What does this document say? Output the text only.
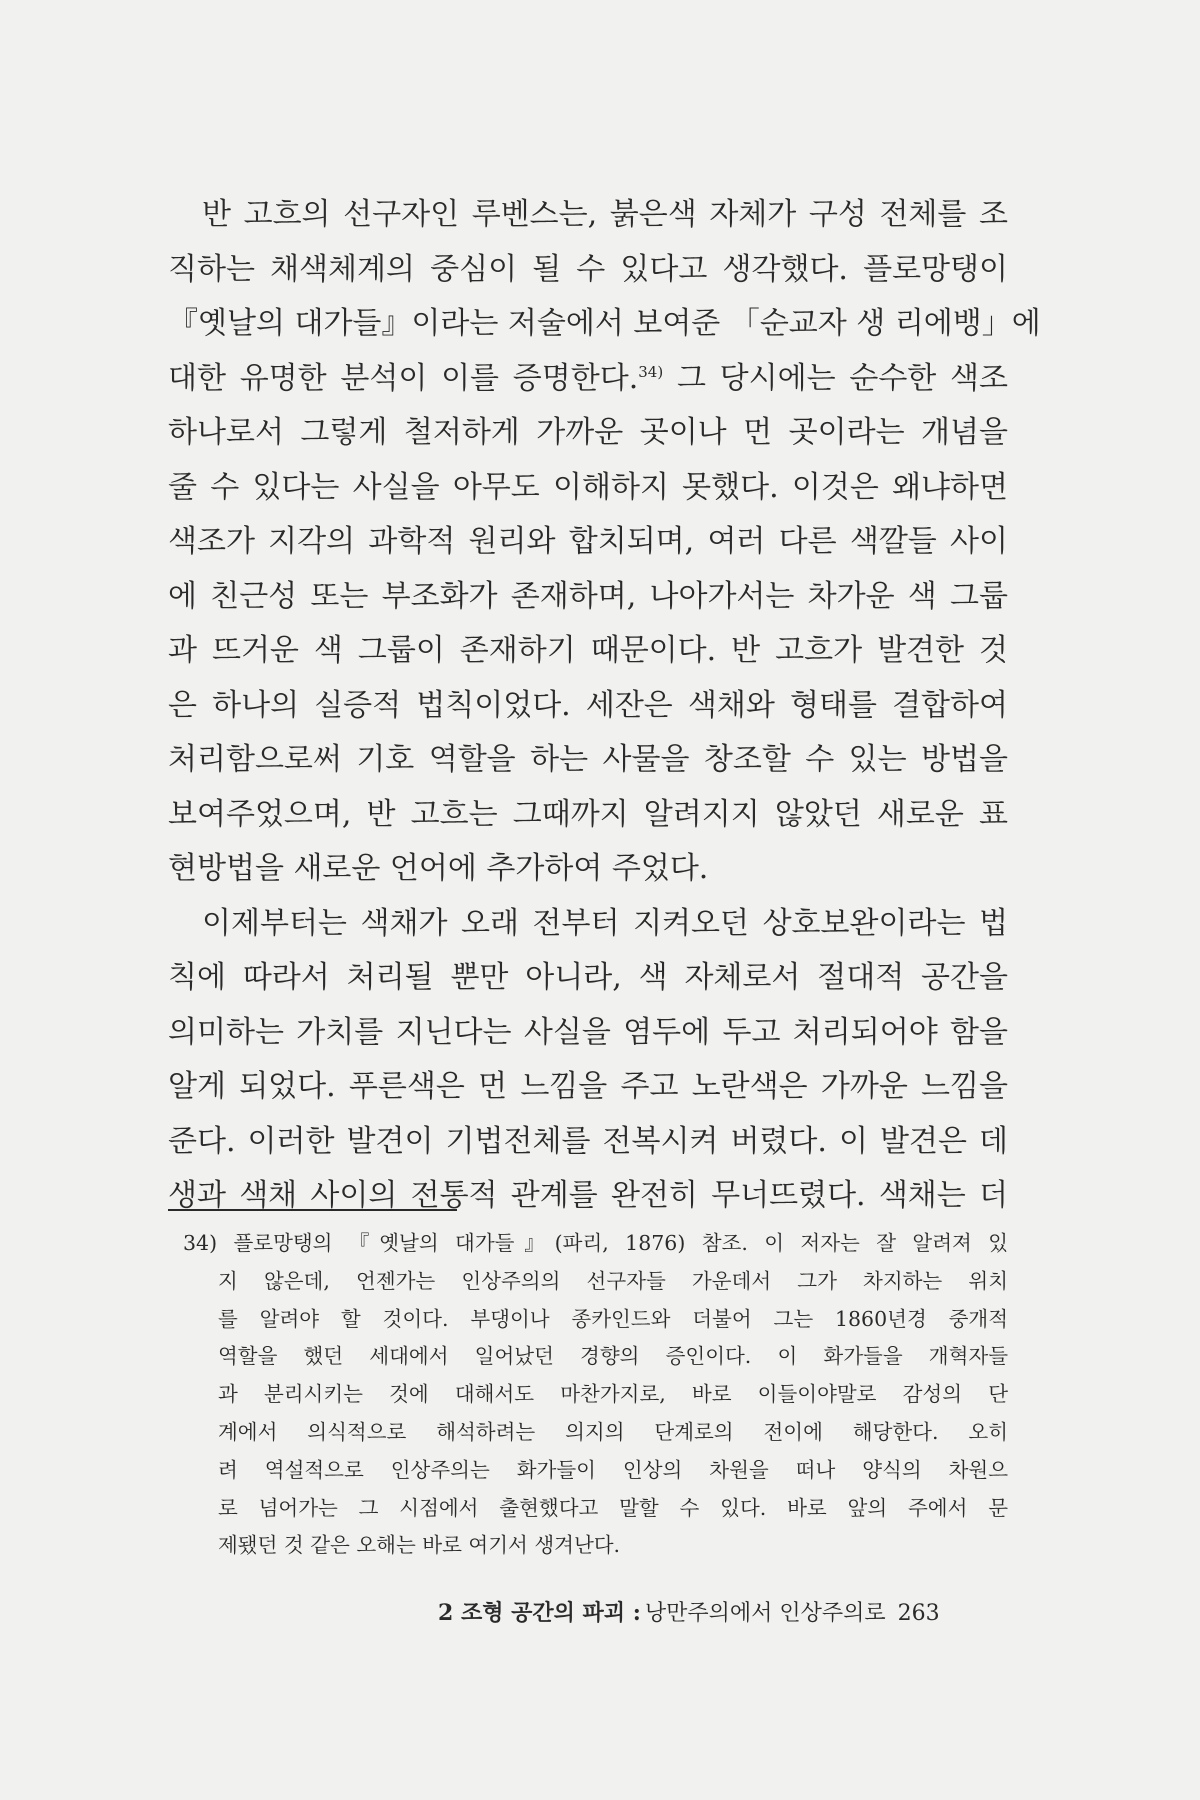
반 고흐의 선구자인 루벤스는, 붉은색 자체가 구성 전체를 조
직하는 채색체계의 중심이 될 수 있다고 생각했다. 플로망탱이
『옛날의 대가들』이라는 저술에서 보여준 「순교자 생 리에뱅」에
대한 유명한 분석이 이를 증명한다.$^{34)}$ 그 당시에는 순수한 색조
하나로서 그렇게 철저하게 가까운 곳이나 먼 곳이라는 개념을
줄 수 있다는 사실을 아무도 이해하지 못했다. 이것은 왜냐하면
색조가 지각의 과학적 원리와 합치되며, 여러 다른 색깔들 사이
에 친근성 또는 부조화가 존재하며, 나아가서는 차가운 색 그룹
과 뜨거운 색 그룹이 존재하기 때문이다. 반 고흐가 발견한 것
은 하나의 실증적 법칙이었다. 세잔은 색채와 형태를 결합하여
처리함으로써 기호 역할을 하는 사물을 창조할 수 있는 방법을
보여주었으며, 반 고흐는 그때까지 알려지지 않았던 새로운 표
현방법을 새로운 언어에 추가하여 주었다.
이제부터는 색채가 오래 전부터 지켜오던 상호보완이라는 법
칙에 따라서 처리될 뿐만 아니라, 색 자체로서 절대적 공간을
의미하는 가치를 지닌다는 사실을 염두에 두고 처리되어야 함을
알게 되었다. 푸른색은 먼 느낌을 주고 노란색은 가까운 느낌을
준다. 이러한 발견이 기법전체를 전복시켜 버렸다. 이 발견은 데
생과 색채 사이의 전통적 관계를 완전히 무너뜨렸다. 색채는 더
34) 플로망탱의 『옛날의 대가들』(파리, 1876) 참조. 이 저자는 잘 알려져 있
지 않은데, 언젠가는 인상주의의 선구자들 가운데서 그가 차지하는 위치
를 알려야 할 것이다. 부댕이나 종카인드와 더불어 그는 1860년경 중개적
역할을 했던 세대에서 일어났던 경향의 증인이다. 이 화가들을 개혁자들
과 분리시키는 것에 대해서도 마찬가지로, 바로 이들이야말로 감성의 단
계에서 의식적으로 해석하려는 의지의 단계로의 전이에 해당한다. 오히
려 역설적으로 인상주의는 화가들이 인상의 차원을 떠나 양식의 차원으
로 넘어가는 그 시점에서 출현했다고 말할 수 있다. 바로 앞의 주에서 문
제됐던 것 같은 오해는 바로 여기서 생겨난다.
2 조형 공간의 파괴 : 낭만주의에서 인상주의로 263
